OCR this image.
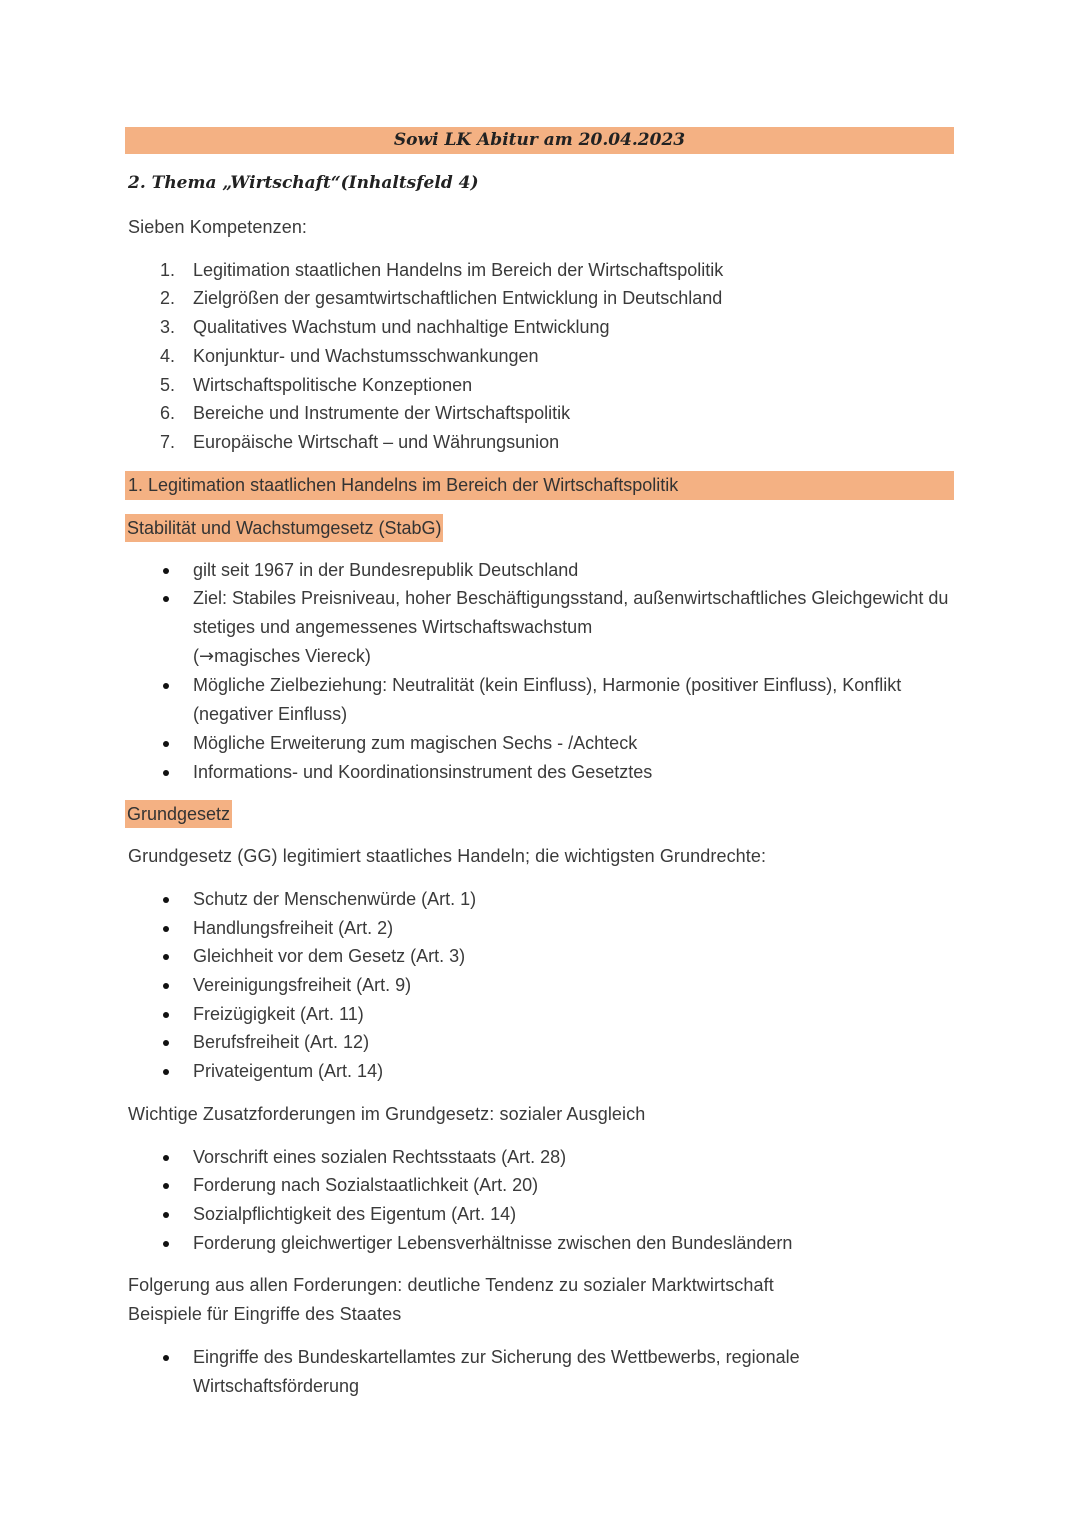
Sowi LK Abitur am 20.04.2023
2. Thema „Wirtschaft“(Inhaltsfeld 4)

Sieben Kompetenzen:

1. Legitimation staatlichen Handelns im Bereich der Wirtschaftspolitik
2. Zielgrößen der gesamtwirtschaftlichen Entwicklung in Deutschland
3. Qualitatives Wachstum und nachhaltige Entwicklung
4. Konjunktur- und Wachstumsschwankungen
5. Wirtschaftspolitische Konzeptionen
6. Bereiche und Instrumente der Wirtschaftspolitik
7. Europäische Wirtschaft – und Währungsunion
1. Legitimation staatlichen Handelns im Bereich der Wirtschaftspolitik
Stabilität und Wachstumgesetz (StabG)
gilt seit 1967 in der Bundesrepublik Deutschland
Ziel: Stabiles Preisniveau, hoher Beschäftigungsstand, außenwirtschaftliches Gleichgewicht du stetiges und angemessenes Wirtschaftswachstum
(→magisches Viereck)
Mögliche Zielbeziehung: Neutralität (kein Einfluss), Harmonie (positiver Einfluss), Konflikt (negativer Einfluss)
Mögliche Erweiterung zum magischen Sechs - /Achteck
Informations- und Koordinationsinstrument des Gesetztes
Grundgesetz

Grundgesetz (GG) legitimiert staatliches Handeln; die wichtigsten Grundrechte:

Schutz der Menschenwürde (Art. 1)
Handlungsfreiheit (Art. 2)
Gleichheit vor dem Gesetz (Art. 3)
Vereinigungsfreiheit (Art. 9)
Freizügigkeit (Art. 11)
Berufsfreiheit (Art. 12)
Privateigentum (Art. 14)

Wichtige Zusatzforderungen im Grundgesetz: sozialer Ausgleich

Vorschrift eines sozialen Rechtsstaats (Art. 28)
Forderung nach Sozialstaatlichkeit (Art. 20)
Sozialpflichtigkeit des Eigentum (Art. 14)
Forderung gleichwertiger Lebensverhältnisse zwischen den Bundesländern

Folgerung aus allen Forderungen: deutliche Tendenz zu sozialer Marktwirtschaft

Beispiele für Eingriffe des Staates

Eingriffe des Bundeskartellamtes zur Sicherung des Wettbewerbs, regionale Wirtschaftsförderung
